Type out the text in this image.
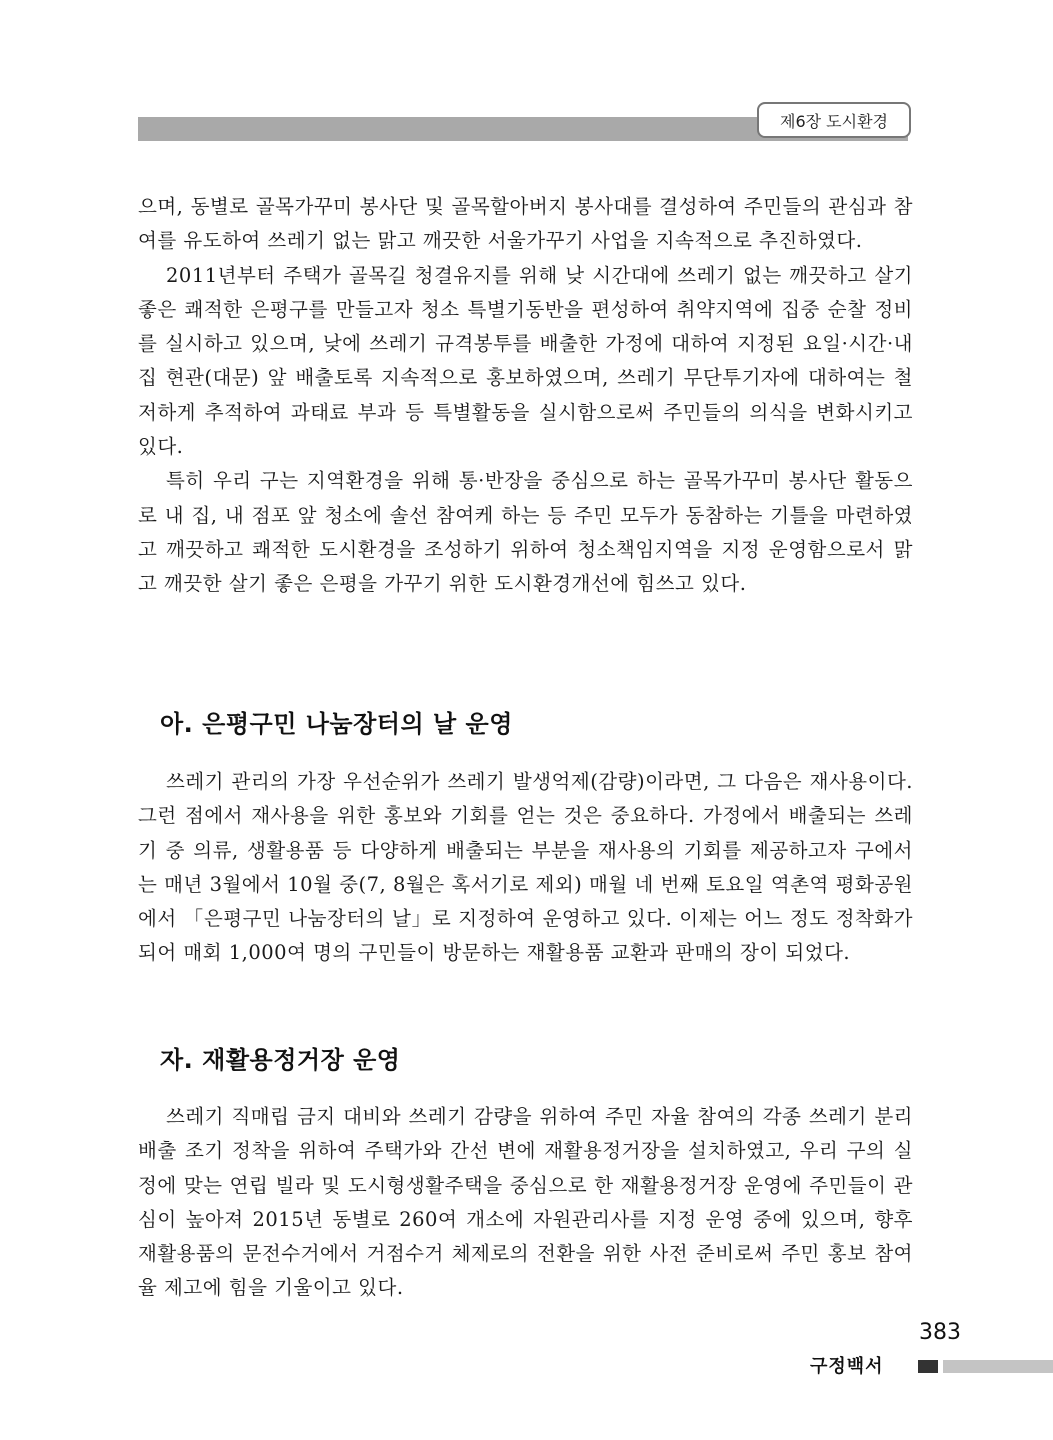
제6장 도시환경

으며, 동별로 골목가꾸미 봉사단 및 골목할아버지 봉사대를 결성하여 주민들의 관심과 참여를 유도하여 쓰레기 없는 맑고 깨끗한 서울가꾸기 사업을 지속적으로 추진하였다.

2011년부터 주택가 골목길 청결유지를 위해 낮 시간대에 쓰레기 없는 깨끗하고 살기 좋은 쾌적한 은평구를 만들고자 청소 특별기동반을 편성하여 취약지역에 집중 순찰 정비를 실시하고 있으며, 낮에 쓰레기 규격봉투를 배출한 가정에 대하여 지정된 요일·시간·내집 현관(대문) 앞 배출토록 지속적으로 홍보하였으며, 쓰레기 무단투기자에 대하여는 철저하게 추적하여 과태료 부과 등 특별활동을 실시함으로써 주민들의 의식을 변화시키고 있다.

특히 우리 구는 지역환경을 위해 통·반장을 중심으로 하는 골목가꾸미 봉사단 활동으로 내 집, 내 점포 앞 청소에 솔선 참여케 하는 등 주민 모두가 동참하는 기틀을 마련하였고 깨끗하고 쾌적한 도시환경을 조성하기 위하여 청소책임지역을 지정 운영함으로서 맑고 깨끗한 살기 좋은 은평을 가꾸기 위한 도시환경개선에 힘쓰고 있다.

아. 은평구민 나눔장터의 날 운영

쓰레기 관리의 가장 우선순위가 쓰레기 발생억제(감량)이라면, 그 다음은 재사용이다. 그런 점에서 재사용을 위한 홍보와 기회를 얻는 것은 중요하다. 가정에서 배출되는 쓰레기 중 의류, 생활용품 등 다양하게 배출되는 부분을 재사용의 기회를 제공하고자 구에서는 매년 3월에서 10월 중(7, 8월은 혹서기로 제외) 매월 네 번째 토요일 역촌역 평화공원에서 「은평구민 나눔장터의 날」로 지정하여 운영하고 있다. 이제는 어느 정도 정착화가 되어 매회 1,000여 명의 구민들이 방문하는 재활용품 교환과 판매의 장이 되었다.

자. 재활용정거장 운영

쓰레기 직매립 금지 대비와 쓰레기 감량을 위하여 주민 자율 참여의 각종 쓰레기 분리배출 조기 정착을 위하여 주택가와 간선 변에 재활용정거장을 설치하였고, 우리 구의 실정에 맞는 연립 빌라 및 도시형생활주택을 중심으로 한 재활용정거장 운영에 주민들이 관심이 높아져 2015년 동별로 260여 개소에 자원관리사를 지정 운영 중에 있으며, 향후 재활용품의 문전수거에서 거점수거 체제로의 전환을 위한 사전 준비로써 주민 홍보 참여율 제고에 힘을 기울이고 있다.

383
구정백서
